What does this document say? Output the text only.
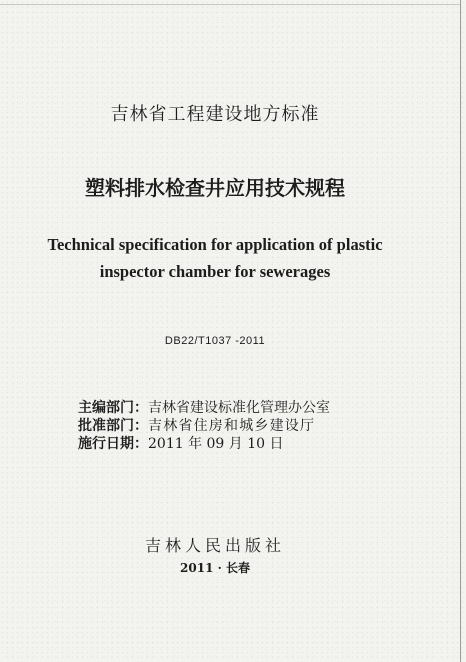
吉林省工程建设地方标准
塑料排水检查井应用技术规程
Technical specification for application of plastic
inspector chamber for sewerages
DB22/T1037 -2011
主编部门：吉林省建设标准化管理办公室
批准部门：吉林省住房和城乡建设厅
施行日期：2011 年 09 月 10 日
吉林人民出版社
2011 · 长春
